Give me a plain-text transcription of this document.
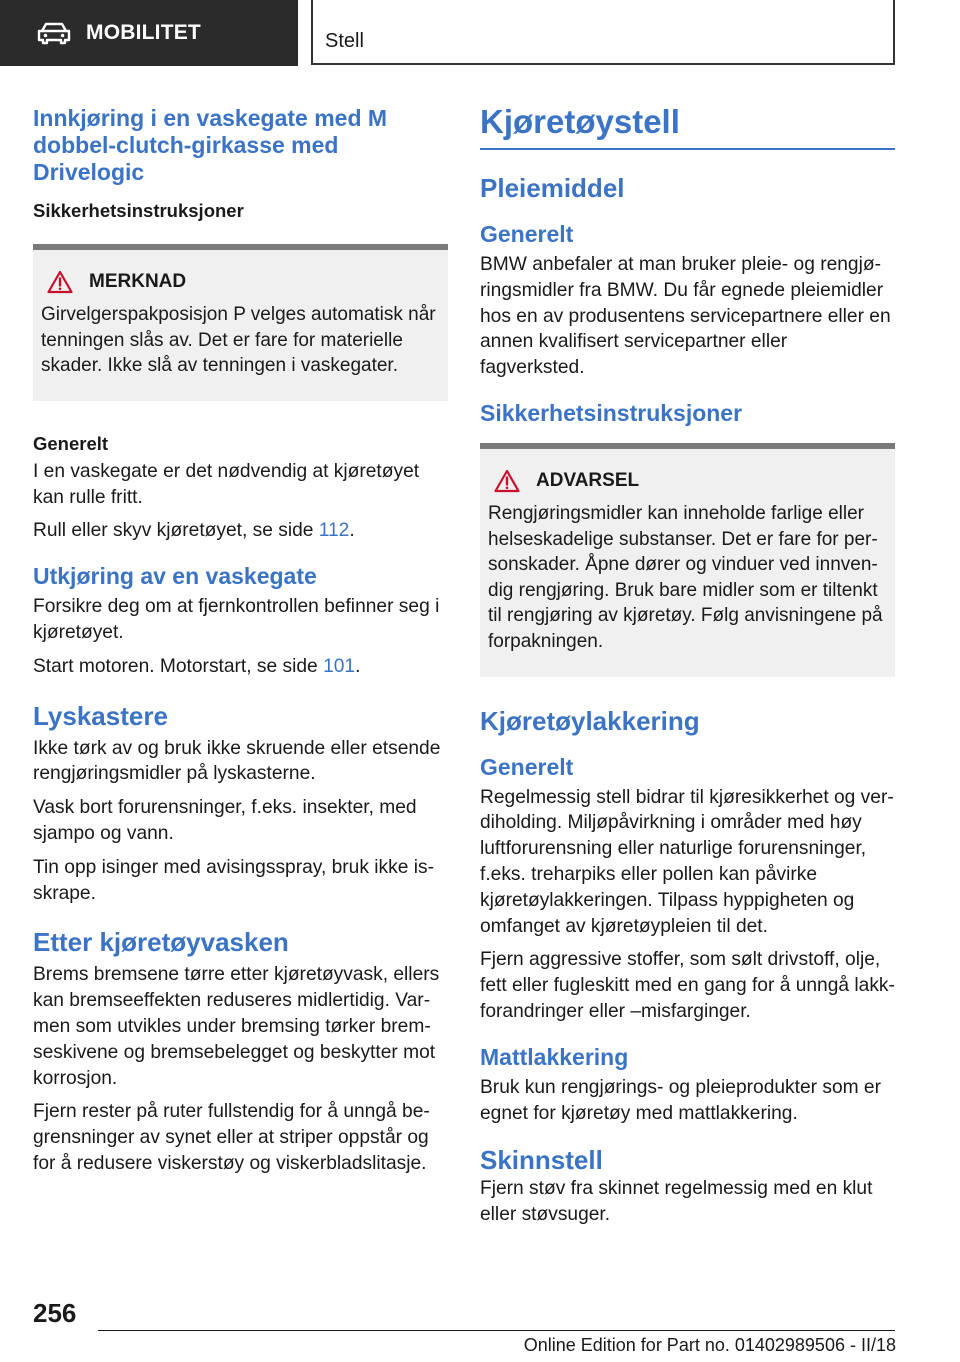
MOBILITET	Stell
Innkjøring i en vaskegate med M dobbel-clutch-girkasse med Drivelogic
Sikkerhetsinstruksjoner
MERKNAD

Girvelgerspakposisjon P velges automatisk når tenningen slås av. Det er fare for materielle skader. Ikke slå av tenningen i vaskegater.

Generelt

I en vaskegate er det nødvendig at kjøretøyet kan rulle fritt.

Rull eller skyv kjøretøyet, se side 112.

Utkjøring av en vaskegate

Forsikre deg om at fjernkontrollen befinner seg i kjøretøyet.

Start motoren. Motorstart, se side 101.

Lyskastere

Ikke tørk av og bruk ikke skruende eller etsende rengjøringsmidler på lyskasterne.

Vask bort forurensninger, f.eks. insekter, med sjampo og vann.

Tin opp isinger med avisingsspray, bruk ikke isskrape.

Etter kjøretøyvasken

Brems bremsene tørre etter kjøretøyvask, ellers kan bremseeffekten reduseres midlertidig. Varmen som utvikles under bremsing tørker bremseskivene og bremsebelegget og beskytter mot korrosjon.

Fjern rester på ruter fullstendig for å unngå begrensninger av synet eller at striper oppstår og for å redusere viskerstøy og viskerbladslitasje.

Kjøretøystell
Pleiemiddel
Generelt

BMW anbefaler at man bruker pleie- og rengjøringsmidler fra BMW. Du får egnede pleiemidler hos en av produsentens servicepartnere eller en annen kvalifisert servicepartner eller fagverksted.

Sikkerhetsinstruksjoner
ADVARSEL

Rengjøringsmidler kan inneholde farlige eller helseskadelige substanser. Det er fare for personskader. Åpne dører og vinduer ved innvendig rengjøring. Bruk bare midler som er tiltenkt til rengjøring av kjøretøy. Følg anvisningene på forpakningen.

Kjøretøylakkering
Generelt

Regelmessig stell bidrar til kjøresikkerhet og verdiholding. Miljøpåvirkning i områder med høy luftforurensning eller naturlige forurensninger, f.eks. treharpiks eller pollen kan påvirke kjøretøylakkeringen. Tilpass hyppigheten og omfanget av kjøretøypleien til det.

Fjern aggressive stoffer, som sølt drivstoff, olje, fett eller fugleskitt med en gang for å unngå lakkforandringer eller –misfarginger.

Mattlakkering

Bruk kun rengjørings- og pleieprodukter som er egnet for kjøretøy med mattlakkering.

Skinnstell

Fjern støv fra skinnet regelmessig med en klut eller støvsuger.

256
Online Edition for Part no. 01402989506 - II/18
